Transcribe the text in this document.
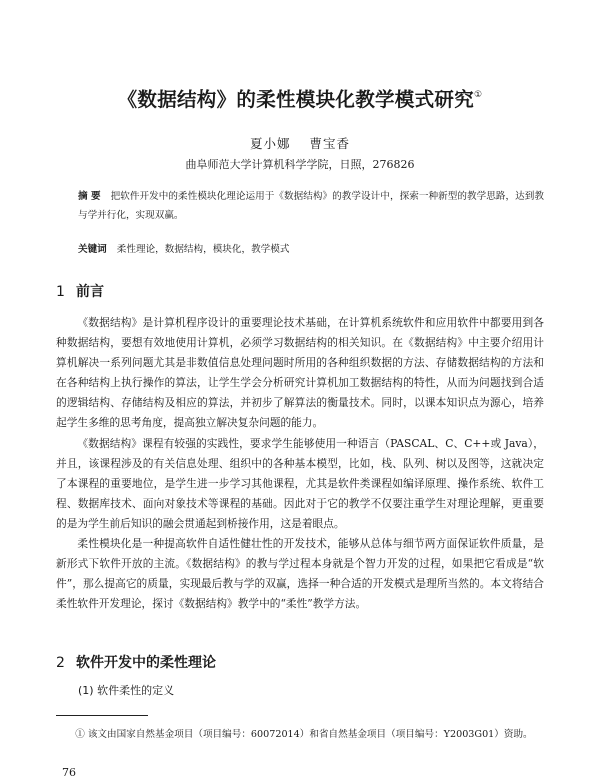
《数据结构》的柔性模块化教学模式研究①
夏小娜 曹宝香
曲阜师范大学计算机科学学院，日照，276826
摘 要 把软件开发中的柔性模块化理论运用于《数据结构》的教学设计中，探索一种新型的教学思路，达到教与学并行化，实现双赢。
关键词 柔性理论，数据结构，模块化，教学模式
1 前言

《数据结构》是计算机程序设计的重要理论技术基础，在计算机系统软件和应用软件中都要用到各种数据结构，要想有效地使用计算机，必须学习数据结构的相关知识。在《数据结构》中主要介绍用计算机解决一系列问题尤其是非数值信息处理问题时所用的各种组织数据的方法、存储数据结构的方法和在各种结构上执行操作的算法，让学生学会分析研究计算机加工数据结构的特性，从而为问题找到合适的逻辑结构、存储结构及相应的算法，并初步了解算法的衡量技术。同时，以课本知识点为源心，培养起学生多维的思考角度，提高独立解决复杂问题的能力。

《数据结构》课程有较强的实践性，要求学生能够使用一种语言（PASCAL、C、C++或 Java），并且，该课程涉及的有关信息处理、组织中的各种基本模型，比如，栈、队列、树以及图等，这就决定了本课程的重要地位，是学生进一步学习其他课程，尤其是软件类课程如编译原理、操作系统、软件工程、数据库技术、面向对象技术等课程的基础。因此对于它的教学不仅要注重学生对理论理解，更重要的是为学生前后知识的融会贯通起到桥接作用，这是着眼点。

柔性模块化是一种提高软件自适性健壮性的开发技术，能够从总体与细节两方面保证软件质量，是新形式下软件开放的主流。《数据结构》的教与学过程本身就是个智力开发的过程，如果把它看成是“软件”，那么提高它的质量，实现最后教与学的双赢，选择一种合适的开发模式是理所当然的。本文将结合柔性软件开发理论，探讨《数据结构》教学中的“柔性”教学方法。

2 软件开发中的柔性理论
(1) 软件柔性的定义
① 该文由国家自然基金项目（项目编号：60072014）和省自然基金项目（项目编号：Y2003G01）资助。
76
